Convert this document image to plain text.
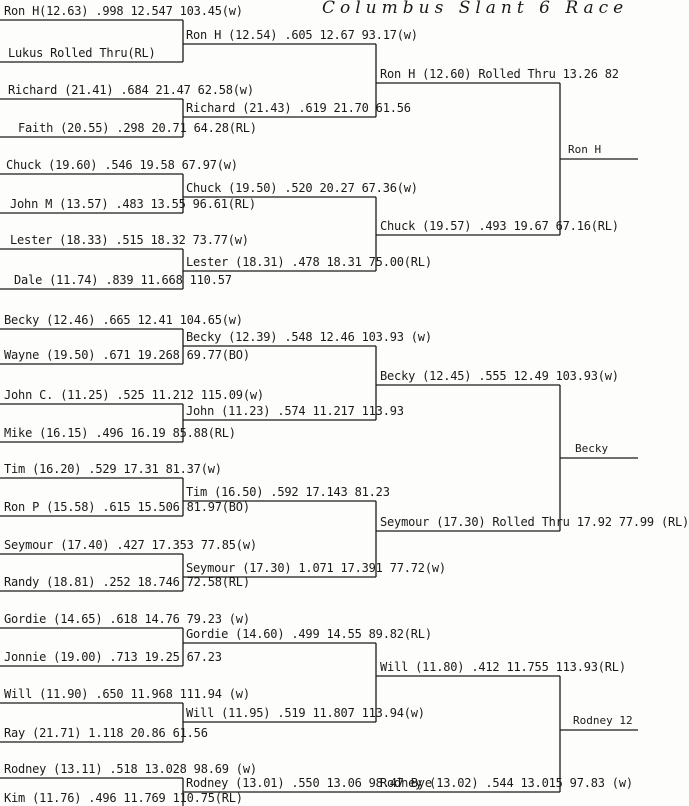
Columbus Slant 6 Race
Ron H(12.63) .998 12.547 103.45(w)
Lukus Rolled Thru(RL)
Richard (21.41) .684 21.47 62.58(w)
Faith (20.55) .298 20.71 64.28(RL)
Chuck (19.60) .546 19.58 67.97(w)
John M (13.57) .483 13.55 96.61(RL)
Lester (18.33) .515 18.32 73.77(w)
Dale (11.74) .839 11.668 110.57
Becky (12.46) .665 12.41 104.65(w)
Wayne (19.50) .671 19.268 69.77(BO)
John C. (11.25) .525 11.212 115.09(w)
Mike (16.15) .496 16.19 85.88(RL)
Tim (16.20) .529 17.31 81.37(w)
Ron P (15.58) .615 15.506 81.97(BO)
Seymour (17.40) .427 17.353 77.85(w)
Randy (18.81) .252 18.746 72.58(RL)
Gordie (14.65) .618 14.76 79.23 (w)
Jonnie (19.00) .713 19.25 67.23
Will (11.90) .650 11.968 111.94 (w)
Ray (21.71) 1.118 20.86 61.56
Rodney (13.11) .518 13.028 98.69 (w)
Kim (11.76) .496 11.769 110.75(RL)
Ron H (12.54) .605 12.67 93.17(w)
Richard (21.43) .619 21.70 61.56
Chuck (19.50) .520 20.27 67.36(w)
Lester (18.31) .478 18.31 75.00(RL)
Becky (12.39) .548 12.46 103.93 (w)
John (11.23) .574 11.217 113.93
Tim (16.50) .592 17.143 81.23
Seymour (17.30) 1.071 17.391 77.72(w)
Gordie (14.60) .499 14.55 89.82(RL)
Will (11.95) .519 11.807 113.94(w)
Rodney (13.01) .550 13.06 98.47 Bye
Ron H (12.60) Rolled Thru 13.26 82
Chuck (19.57) .493 19.67 67.16(RL)
Becky (12.45) .555 12.49 103.93(w)
Seymour (17.30) Rolled Thru 17.92 77.99 (RL)
Will (11.80) .412 11.755 113.93(RL)
Rodney (13.02) .544 13.015 97.83 (w)
Ron H
Becky
Rodney 12
